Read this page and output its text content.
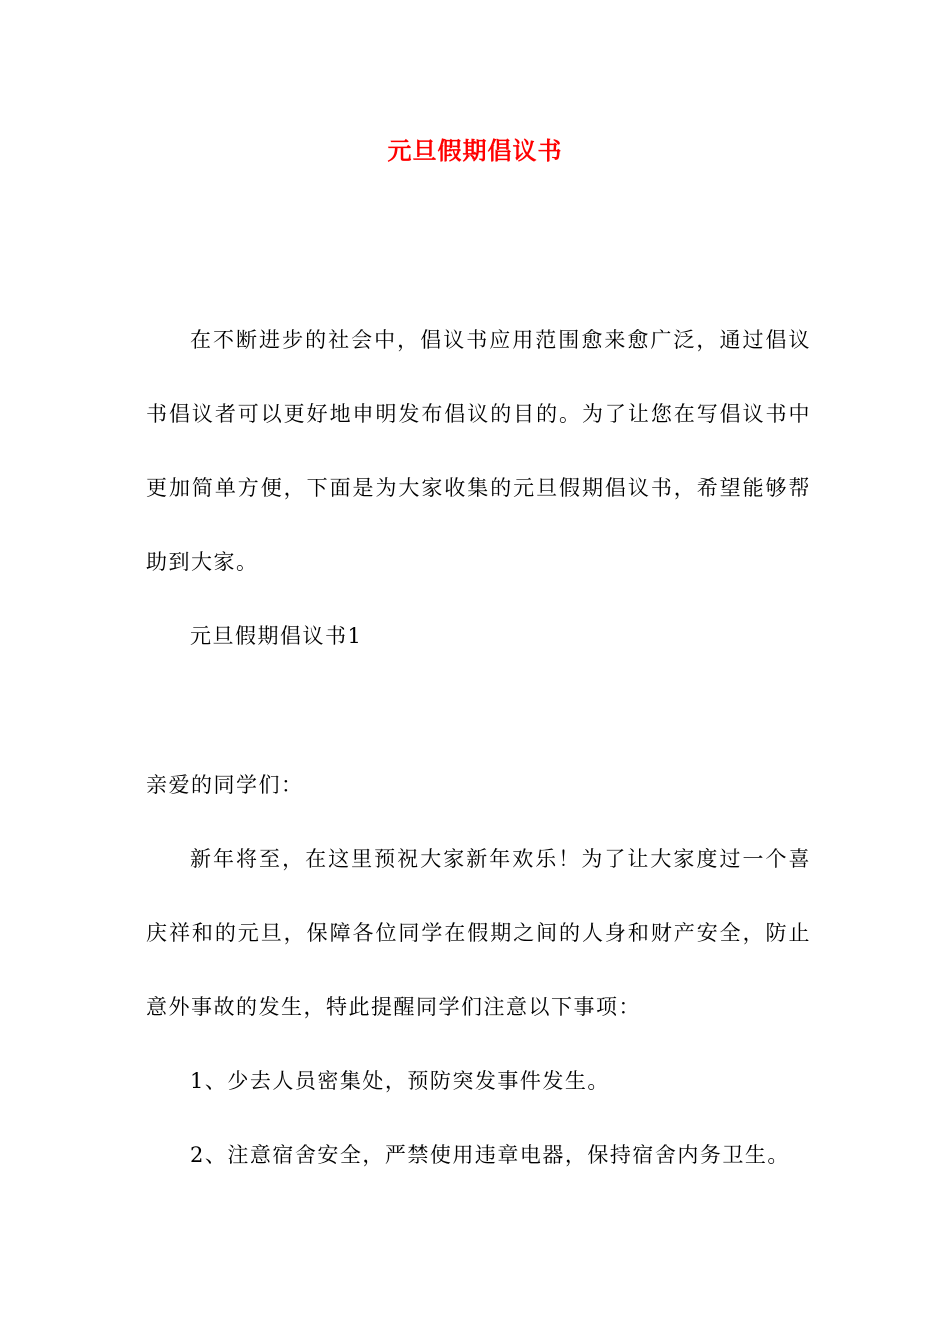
元旦假期倡议书

在不断进步的社会中，倡议书应用范围愈来愈广泛，通过倡议书倡议者可以更好地申明发布倡议的目的。为了让您在写倡议书中更加简单方便，下面是为大家收集的元旦假期倡议书，希望能够帮助到大家。

元旦假期倡议书1

亲爱的同学们：

新年将至，在这里预祝大家新年欢乐！为了让大家度过一个喜庆祥和的元旦，保障各位同学在假期之间的人身和财产安全，防止意外事故的发生，特此提醒同学们注意以下事项：

1、少去人员密集处，预防突发事件发生。

2、注意宿舍安全，严禁使用违章电器，保持宿舍内务卫生。
